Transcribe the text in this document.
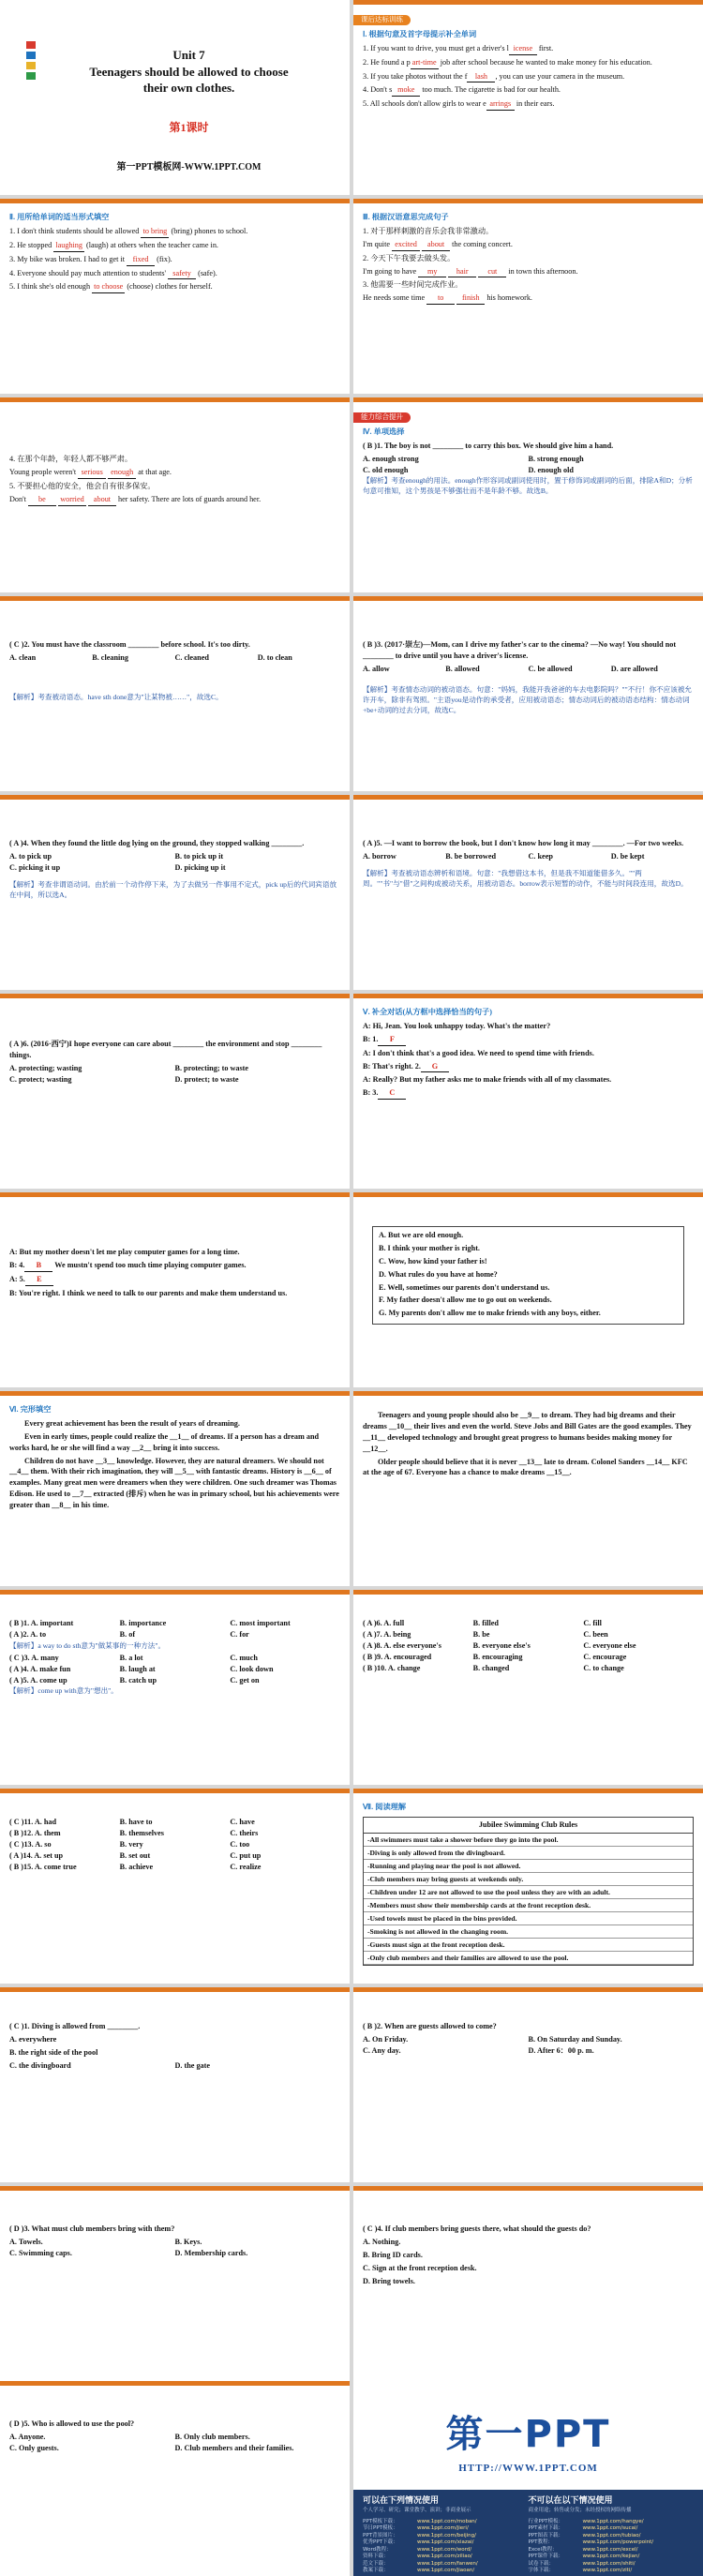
Unit 7
Teenagers should be allowed to choose
their own clothes.
第1课时
第一PPT模板网-WWW.1PPT.COM
课后达标训练
Ⅰ. 根据句意及首字母提示补全单词

1. If you want to drive, you must get a driver's l icense first.

2. He found a p art-time job after school because he wanted to make money for his education.

3. If you take photos without the f lash , you can use your camera in the museum.

4. Don't s moke too much. The cigarette is bad for our health.

5. All schools don't allow girls to wear e arrings in their ears.

Ⅱ. 用所给单词的适当形式填空

1. I don't think students should be allowed to bring (bring) phones to school.

2. He stopped laughing (laugh) at others when the teacher came in.

3. My bike was broken. I had to get it fixed (fix).

4. Everyone should pay much attention to students' safety (safe).

5. I think she's old enough to choose (choose) clothes for herself.

Ⅲ. 根据汉语意思完成句子

1. 对于那样刺激的音乐会我非常激动。

I'm quite excited about the coming concert.

2. 今天下午我要去做头发。

I'm going to have my hair	cut in town this afternoon.

3. 他需要一些时间完成作业。

He needs some time to finish his homework.

4. 在那个年龄，年轻人都不够严肃。

Young people weren't serious enough at that age.

5. 不要担心他的安全，他会自有很多保安。

Don't be worried about her safety. There are lots of guards around her.

能力综合提升
Ⅳ. 单项选择

( B )1. The boy is not ________ to carry this box. We should give him a hand.

A. enough strong	B. strong enough
C. old enough	D. enough old

【解析】考查enough的用法。enough作形容词或副词使用时，置于修饰词或副词的后面，排除A和D；分析句意可推知，这个男孩是不够强壮而不是年龄不够。故选B。

( C )2. You must have the classroom ________ before school. It's too dirty.

A. clean	B. cleaning	C. cleaned	D. to clean

【解析】考查被动语态。have sth done意为"让某物被……"，故选C。

( B )3. (2017·崇左)—Mom, can I drive my father's car to the cinema? —No way! You should not ________ to drive until you have a driver's license.

A. allow	B. allowed	C. be allowed	D. are allowed

【解析】考查情态动词的被动语态。句意："妈妈，我能开我爸爸的车去电影院吗？""不行！你不应该被允许开车，除非有驾照。"主语you是动作的承受者，应用被动语态；情态动词后的被动语态结构：情态动词+be+动词的过去分词，故选C。

( A )4. When they found the little dog lying on the ground, they stopped walking ________.

A. to pick up	B. to pick up it
C. picking it up	D. picking up it

【解析】考查非谓语动词。由於前一个动作停下来，为了去做另一件事用不定式，pick up后的代词宾语放在中间，所以选A。

( A )5. —I want to borrow the book, but I don't know how long it may ________. —For two weeks.

A. borrow	B. be borrowed	C. keep	D. be kept

【解析】考查被动语态辨析和语境。句意："我想借这本书，但是我不知道能借多久。""两周。""书"与"借"之间构成被动关系，用被动语态。borrow表示短暂的动作，不能与时间段连用，故选D。

( A )6. (2016·西宁)I hope everyone can care about ________ the environment and stop ________ things.

A. protecting; wasting	B. protecting; to waste
C. protect; wasting	D. protect; to waste
Ⅴ. 补全对话(从方框中选择恰当的句子)

A: Hi, Jean. You look unhappy today. What's the matter?

B: 1. F

A: I don't think that's a good idea. We need to spend time with friends.

B: That's right. 2. G

A: Really? But my father asks me to make friends with all of my classmates.

B: 3. C

A: But my mother doesn't let me play computer games for a long time.

B: 4. B We mustn't spend too much time playing computer games.

A: 5. E

B: You're right. I think we need to talk to our parents and make them understand us.

A. But we are old enough.

B. I think your mother is right.

C. Wow, how kind your father is!

D. What rules do you have at home?

E. Well, sometimes our parents don't understand us.

F. My father doesn't allow me to go out on weekends.

G. My parents don't allow me to make friends with any boys, either.

Ⅵ. 完形填空

Every great achievement has been the result of years of dreaming.

Even in early times, people could realize the __1__ of dreams. If a person has a dream and works hard, he or she will find a way __2__ bring it into success.

Children do not have __3__ knowledge. However, they are natural dreamers. We should not __4__ them. With their rich imagination, they will __5__ with fantastic dreams. History is __6__ of examples. Many great men were dreamers when they were children. One such dreamer was Thomas Edison. He used to __7__ extracted (排斥) when he was in primary school, but his achievements were greater than __8__ in his time.

Teenagers and young people should also be __9__ to dream. They had big dreams and their dreams __10__ their lives and even the world. Steve Jobs and Bill Gates are the good examples. They __11__ developed technology and brought great progress to humans besides making money for __12__.

Older people should believe that it is never __13__ late to dream. Colonel Sanders __14__ KFC at the age of 67. Everyone has a chance to make dreams __15__.

( B )1. A. important	B. importance	C. most important
( A )2. A. to	B. of	C. for

【解析】a way to do sth意为"做某事的一种方法"。

( C )3. A. many	B. a lot	C. much
( A )4. A. make fun	B. laugh at	C. look down
( A )5. A. come up	B. catch up	C. get on

【解析】come up with意为"想出"。

( A )6. A. full	B. filled	C. fill
( A )7. A. being	B. be	C. been
( A )8. A. else everyone's	B. everyone else's	C. everyone else
( B )9. A. encouraged	B. encouraging	C. encourage
( B )10. A. change	B. changed	C. to change
( C )11. A. had	B. have to	C. have
( B )12. A. them	B. themselves	C. theirs
( C )13. A. so	B. very	C. too
( A )14. A. set up	B. set out	C. put up
( B )15. A. come true	B. achieve	C. realize
Ⅶ. 阅读理解
Jubilee Swimming Club Rules
-All swimmers must take a shower before they go into the pool.
-Diving is only allowed from the divingboard.
-Running and playing near the pool is not allowed.
-Club members may bring guests at weekends only.
-Children under 12 are not allowed to use the pool unless they are with an adult.
-Members must show their membership cards at the front reception desk.
-Used towels must be placed in the bins provided.
-Smoking is not allowed in the changing room.
-Guests must sign at the front reception desk.
-Only club members and their families are allowed to use the pool.

( C )1. Diving is allowed from ________.

A. everywhere

B. the right side of the pool

C. the divingboard	D. the gate

( B )2. When are guests allowed to come?

A. On Friday.	B. On Saturday and Sunday.
C. Any day.	D. After 6：00 p. m.

( D )3. What must club members bring with them?

A. Towels.	B. Keys.
C. Swimming caps.	D. Membership cards.

( C )4. If club members bring guests there, what should the guests do?

A. Nothing.

B. Bring ID cards.

C. Sign at the front reception desk.

D. Bring towels.

( D )5. Who is allowed to use the pool?

A. Anyone.	B. Only club members.
C. Only guests.	D. Club members and their families.	第一PPT
HTTP://WWW.1PPT.COM
可以在下列情况使用
个人学习、研究；课堂教学、演讲；非商业展示
不可以在以下情况使用
商业用途；转售或分发；未经授权的网络传播
PPT模板下载：	www.1ppt.com/moban/
节日PPT模板：	www.1ppt.com/jieri/
PPT背景图片：	www.1ppt.com/beijing/
优秀PPT下载：	www.1ppt.com/xiazai/
Word教程：	www.1ppt.com/word/
资料下载：	www.1ppt.com/ziliao/
范文下载：	www.1ppt.com/fanwen/
教案下载：	www.1ppt.com/jiaoan/
行业PPT模板：	www.1ppt.com/hangye/
PPT素材下载：	www.1ppt.com/sucai/
PPT图表下载：	www.1ppt.com/tubiao/
PPT教程：	www.1ppt.com/powerpoint/
Excel教程：	www.1ppt.com/excel/
PPT课件下载：	www.1ppt.com/kejian/
试卷下载：	www.1ppt.com/shiti/
字体下载：	www.1ppt.com/ziti/
